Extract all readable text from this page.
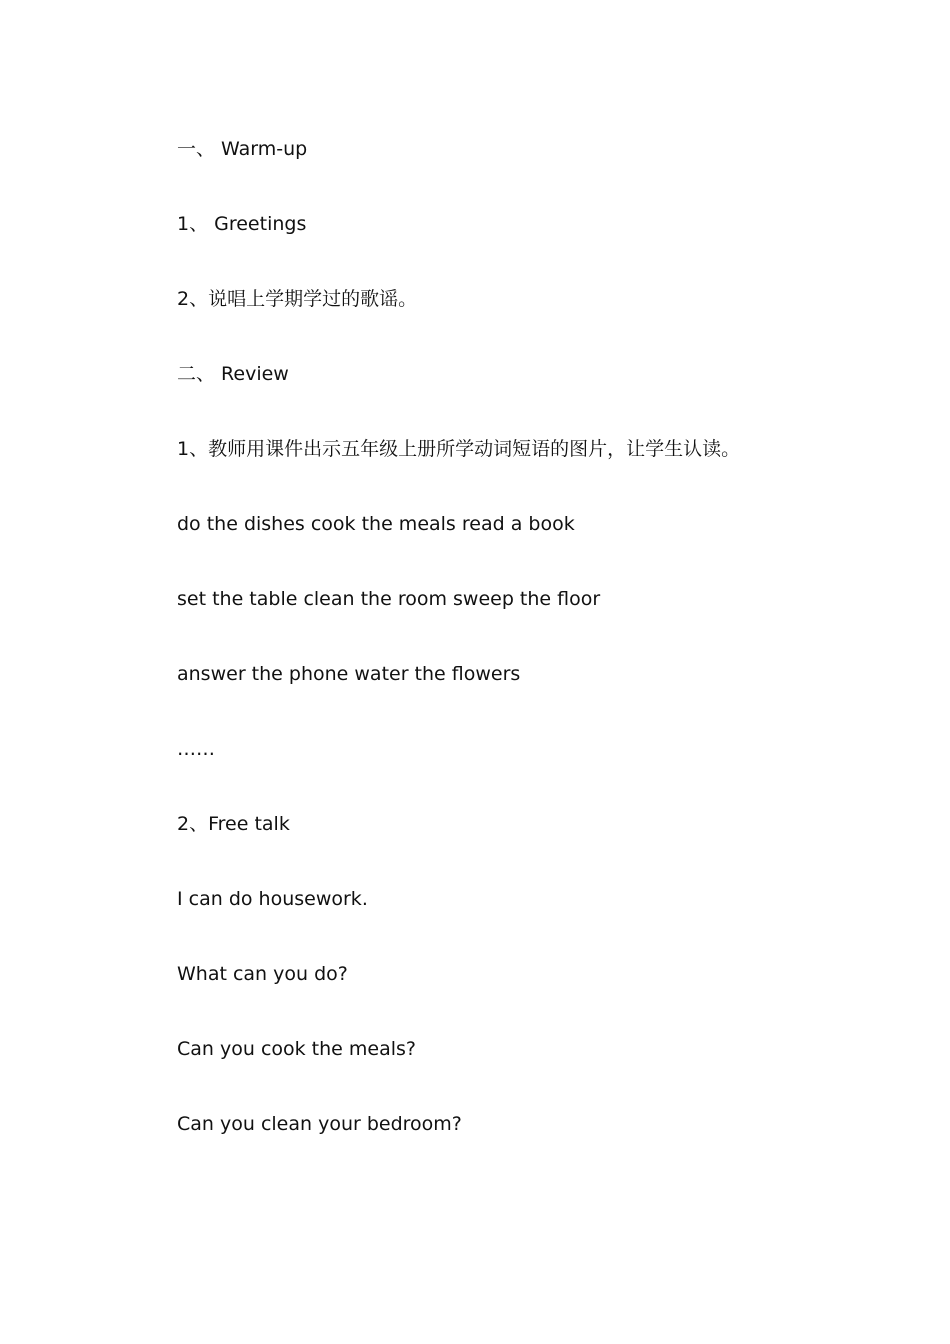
一、 Warm-up
1、 Greetings
2、说唱上学期学过的歌谣。
二、 Review
1、教师用课件出示五年级上册所学动词短语的图片，让学生认读。
do the dishes cook the meals read a book
set the table clean the room sweep the floor
answer the phone water the flowers
……
2、Free talk
I can do housework.
What can you do?
Can you cook the meals?
Can you clean your bedroom?
